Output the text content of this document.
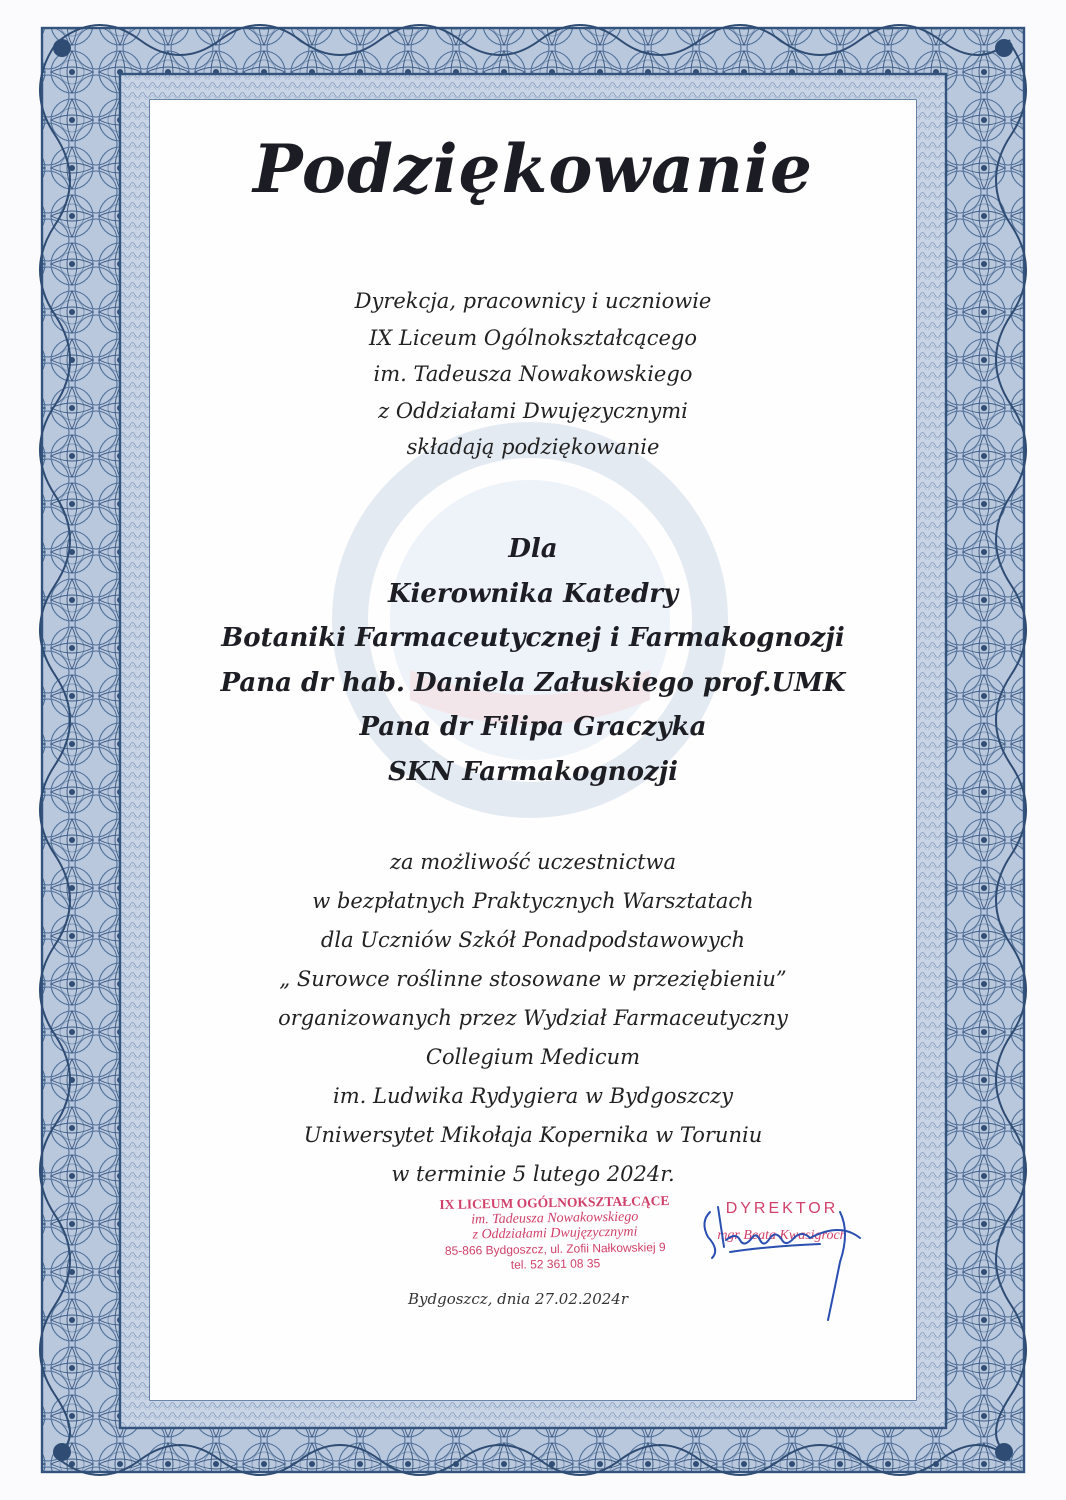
Podziękowanie
Dyrekcja, pracownicy i uczniowie
IX Liceum Ogólnokształcącego
im. Tadeusza Nowakowskiego
z Oddziałami Dwujęzycznymi
składają podziękowanie
Dla
Kierownika Katedry
Botaniki Farmaceutycznej i Farmakognozji
Pana dr hab. Daniela Załuskiego prof.UMK
Pana dr Filipa Graczyka
SKN Farmakognozji
za możliwość uczestnictwa
w bezpłatnych Praktycznych Warsztatach
dla Uczniów Szkół Ponadpodstawowych
„ Surowce roślinne stosowane w przeziębieniu”
organizowanych przez Wydział Farmaceutyczny
Collegium Medicum
im. Ludwika Rydygiera w Bydgoszczy
Uniwersytet Mikołaja Kopernika w Toruniu
w terminie 5 lutego 2024r.
IX LICEUM OGÓLNOKSZTAŁCĄCE
im. Tadeusza Nowakowskiego
z Oddziałami Dwujęzycznymi
85-866 Bydgoszcz, ul. Zofii Nałkowskiej 9
tel. 52 361 08 35
DYREKTOR
mgr Beata Kwasigroch
Bydgoszcz, dnia 27.02.2024r
